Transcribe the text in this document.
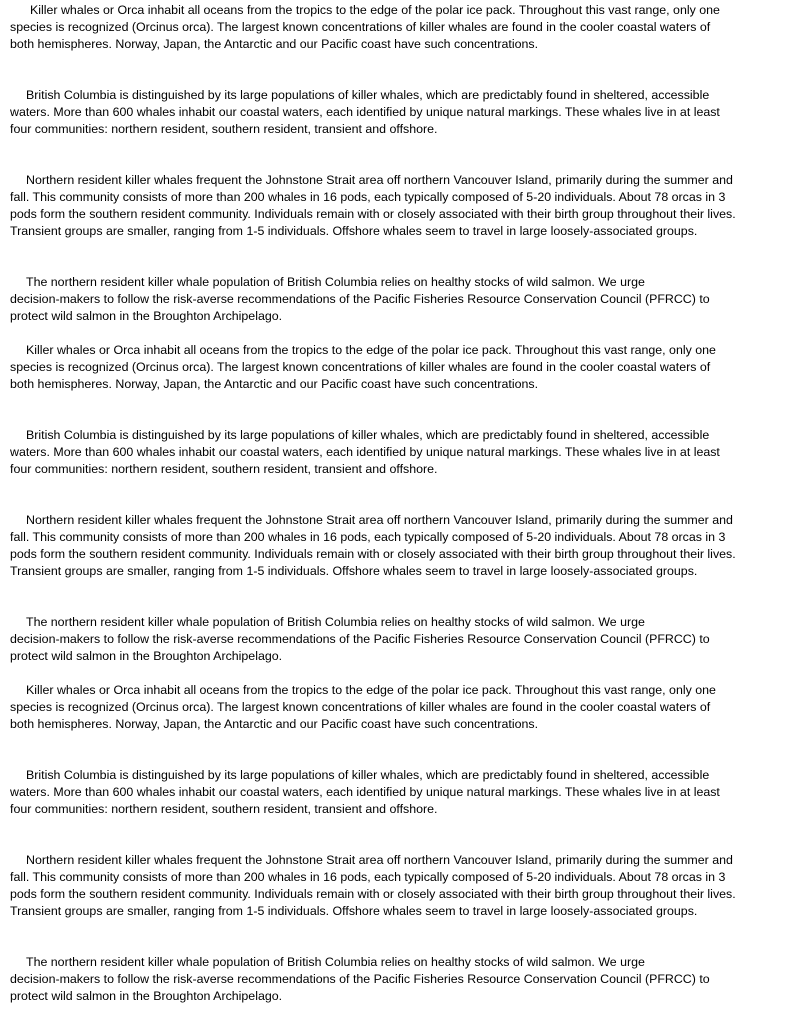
Killer whales or Orca inhabit all oceans from the tropics to the edge of the polar ice pack. Throughout this vast range, only one
species is recognized (Orcinus orca). The largest known concentrations of killer whales are found in the cooler coastal waters of
both hemispheres. Norway, Japan, the Antarctic and our Pacific coast have such concentrations.

British Columbia is distinguished by its large populations of killer whales, which are predictably found in sheltered, accessible
waters. More than 600 whales inhabit our coastal waters, each identified by unique natural markings. These whales live in at least
four communities: northern resident, southern resident, transient and offshore.

Northern resident killer whales frequent the Johnstone Strait area off northern Vancouver Island, primarily during the summer and
fall. This community consists of more than 200 whales in 16 pods, each typically composed of 5-20 individuals. About 78 orcas in 3
pods form the southern resident community. Individuals remain with or closely associated with their birth group throughout their lives.
Transient groups are smaller, ranging from 1-5 individuals. Offshore whales seem to travel in large loosely-associated groups.

The northern resident killer whale population of British Columbia relies on healthy stocks of wild salmon. We urge
decision-makers to follow the risk-averse recommendations of the Pacific Fisheries Resource Conservation Council (PFRCC) to
protect wild salmon in the Broughton Archipelago.

Killer whales or Orca inhabit all oceans from the tropics to the edge of the polar ice pack. Throughout this vast range, only one
species is recognized (Orcinus orca). The largest known concentrations of killer whales are found in the cooler coastal waters of
both hemispheres. Norway, Japan, the Antarctic and our Pacific coast have such concentrations.

British Columbia is distinguished by its large populations of killer whales, which are predictably found in sheltered, accessible
waters. More than 600 whales inhabit our coastal waters, each identified by unique natural markings. These whales live in at least
four communities: northern resident, southern resident, transient and offshore.

Northern resident killer whales frequent the Johnstone Strait area off northern Vancouver Island, primarily during the summer and
fall. This community consists of more than 200 whales in 16 pods, each typically composed of 5-20 individuals. About 78 orcas in 3
pods form the southern resident community. Individuals remain with or closely associated with their birth group throughout their lives.
Transient groups are smaller, ranging from 1-5 individuals. Offshore whales seem to travel in large loosely-associated groups.

The northern resident killer whale population of British Columbia relies on healthy stocks of wild salmon. We urge
decision-makers to follow the risk-averse recommendations of the Pacific Fisheries Resource Conservation Council (PFRCC) to
protect wild salmon in the Broughton Archipelago.

Killer whales or Orca inhabit all oceans from the tropics to the edge of the polar ice pack. Throughout this vast range, only one
species is recognized (Orcinus orca). The largest known concentrations of killer whales are found in the cooler coastal waters of
both hemispheres. Norway, Japan, the Antarctic and our Pacific coast have such concentrations.

British Columbia is distinguished by its large populations of killer whales, which are predictably found in sheltered, accessible
waters. More than 600 whales inhabit our coastal waters, each identified by unique natural markings. These whales live in at least
four communities: northern resident, southern resident, transient and offshore.

Northern resident killer whales frequent the Johnstone Strait area off northern Vancouver Island, primarily during the summer and
fall. This community consists of more than 200 whales in 16 pods, each typically composed of 5-20 individuals. About 78 orcas in 3
pods form the southern resident community. Individuals remain with or closely associated with their birth group throughout their lives.
Transient groups are smaller, ranging from 1-5 individuals. Offshore whales seem to travel in large loosely-associated groups.

The northern resident killer whale population of British Columbia relies on healthy stocks of wild salmon. We urge
decision-makers to follow the risk-averse recommendations of the Pacific Fisheries Resource Conservation Council (PFRCC) to
protect wild salmon in the Broughton Archipelago.
